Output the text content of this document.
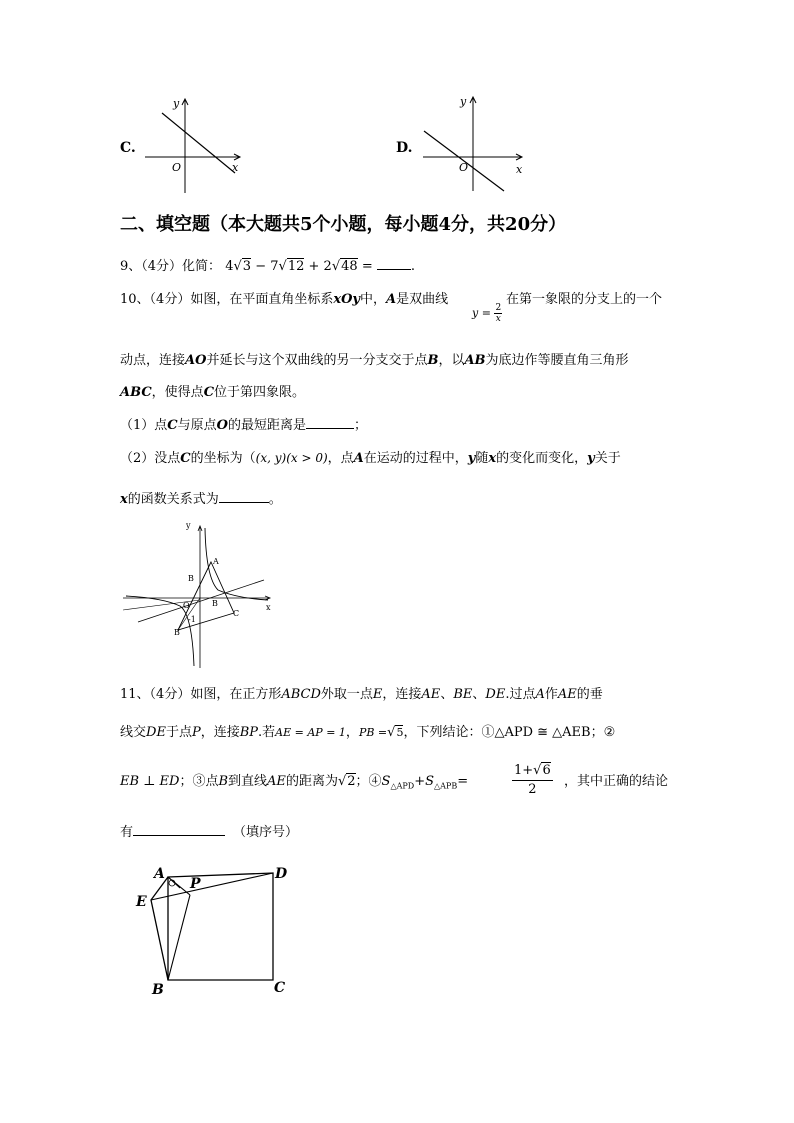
C.
y
x
O
D.
y
x
O
二、填空题（本大题共5个小题，每小题4分，共20分）
9、（4分）化简： 4√3 − 7√12 + 2√48 =	.
10、（4分）如图，在平面直角坐标系xOy中，A是双曲线
$y = \frac{2}{x}$
在第一象限的分支上的一个
动点，连接AO并延长与这个双曲线的另一分支交于点B，以AB为底边作等腰直角三角形
ABC，使得点C位于第四象限。
（1）点C与原点O的最短距离是	；
（2）没点C的坐标为（(x, y)(x > 0)，点A在运动的过程中，y随x的变化而变化，y关于
x的函数关系式为	。
y
x
O
A
B
B
C
-1
B
11、（4分）如图，在正方形ABCD外取一点E，连接AE、BE、DE.过点A作AE的垂
线交DE于点P，连接BP.若AE = AP = 1，PB =√5，下列结论：①△APD ≅ △AEB；②
EB ⊥ ED；③点B到直线AE的距离为√2；$④S_{\triangle APD}+S_{\triangle APB}=$
1+√6
2
，其中正确的结论
有	（填序号）
A
P
D
E
B	C
